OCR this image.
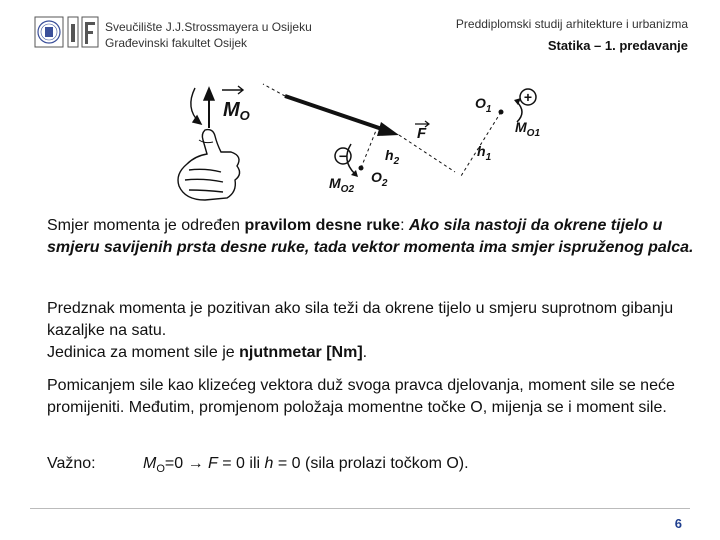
Sveučilište J.J.Strossmayera u Osijeku
Građevinski fakultet Osijek
Preddiplomski studij arhitekture i urbanizma
Statika – 1. predavanje
$M_O$
F
+
$O_1$
$M_{O1}$
$h_1$
−	$h_2$
$O_2$
$M_{O2}$

Smjer momenta je određen pravilom desne ruke: Ako sila nastoji da okrene tijelo u smjeru savijenih prsta desne ruke, tada vektor momenta ima smjer ispruženog palca.

Predznak momenta je pozitivan ako sila teži da okrene tijelo u smjeru suprotnom gibanju kazaljke na satu.
Jedinica za moment sile je njutnmetar [Nm].

Pomicanjem sile kao klizećeg vektora duž svoga pravca djelovanja, moment sile se neće promijeniti. Međutim, promjenom položaja momentne točke O, mijenja se i moment sile.

Važno:	$M_O=0 \to F = 0$ ili h = 0 (sila prolazi točkom O).

6
